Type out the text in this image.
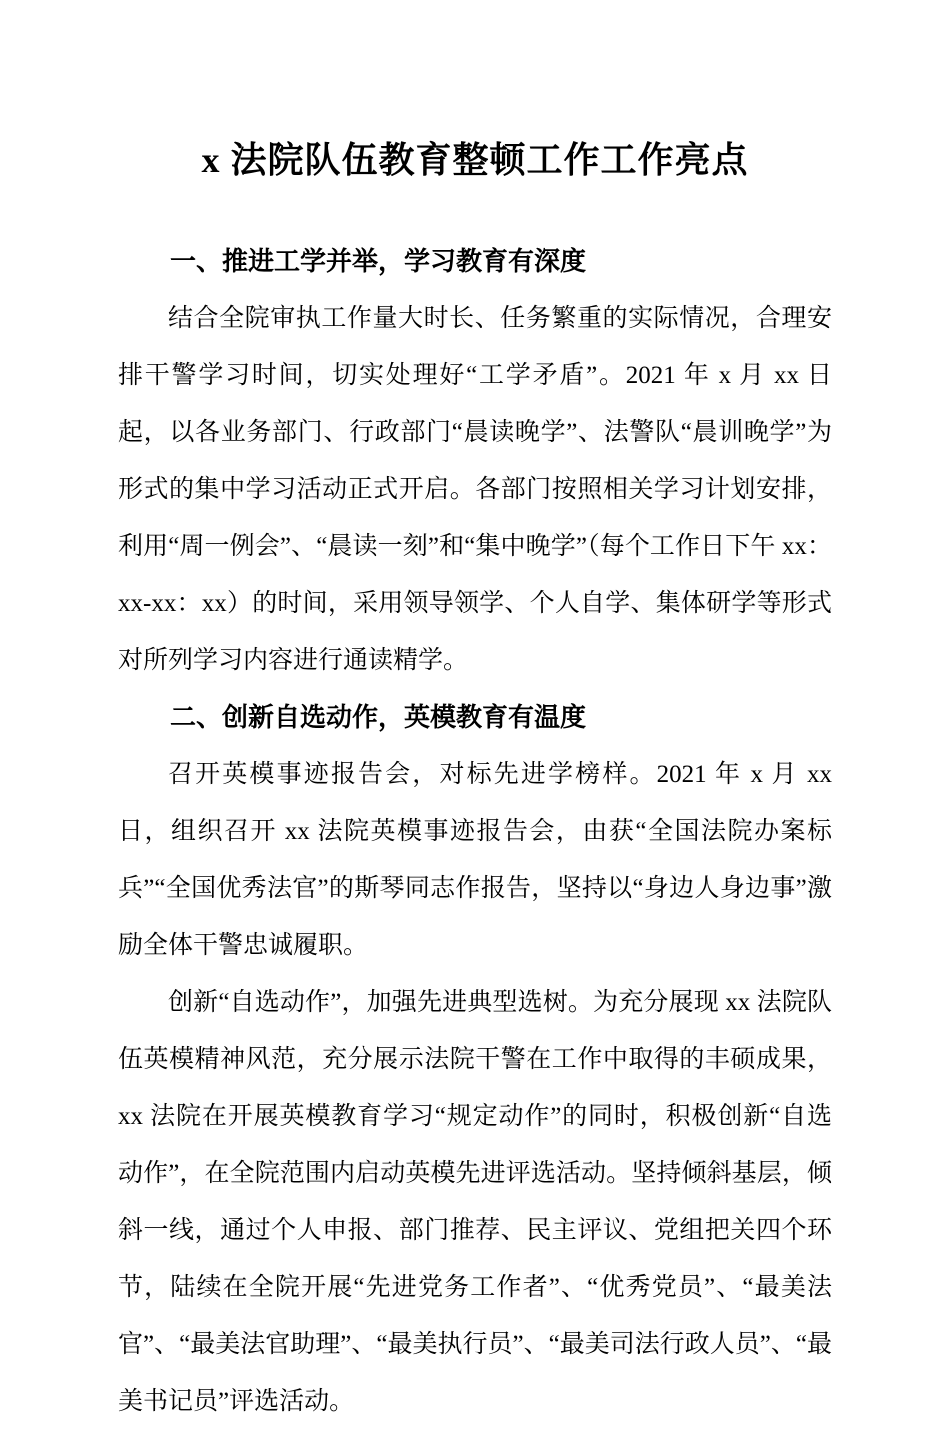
x 法院队伍教育整顿工作工作亮点
一、推进工学并举，学习教育有深度

结合全院审执工作量大时长、任务繁重的实际情况，合理安排干警学习时间，切实处理好“工学矛盾”。2021 年 x 月 xx 日起，以各业务部门、行政部门“晨读晚学”、法警队“晨训晚学”为形式的集中学习活动正式开启。各部门按照相关学习计划安排，利用“周一例会”、“晨读一刻”和“集中晚学”（每个工作日下午 xx：xx-xx：xx）的时间，采用领导领学、个人自学、集体研学等形式对所列学习内容进行通读精学。

二、创新自选动作，英模教育有温度

召开英模事迹报告会，对标先进学榜样。2021 年 x 月 xx 日，组织召开 xx 法院英模事迹报告会，由获“全国法院办案标兵”“全国优秀法官”的斯琴同志作报告，坚持以“身边人身边事”激励全体干警忠诚履职。

创新“自选动作”，加强先进典型选树。为充分展现 xx 法院队伍英模精神风范，充分展示法院干警在工作中取得的丰硕成果，xx 法院在开展英模教育学习“规定动作”的同时，积极创新“自选动作”，在全院范围内启动英模先进评选活动。坚持倾斜基层，倾斜一线，通过个人申报、部门推荐、民主评议、党组把关四个环节，陆续在全院开展“先进党务工作者”、“优秀党员”、“最美法官”、“最美法官助理”、“最美执行员”、“最美司法行政人员”、“最美书记员”评选活动。
